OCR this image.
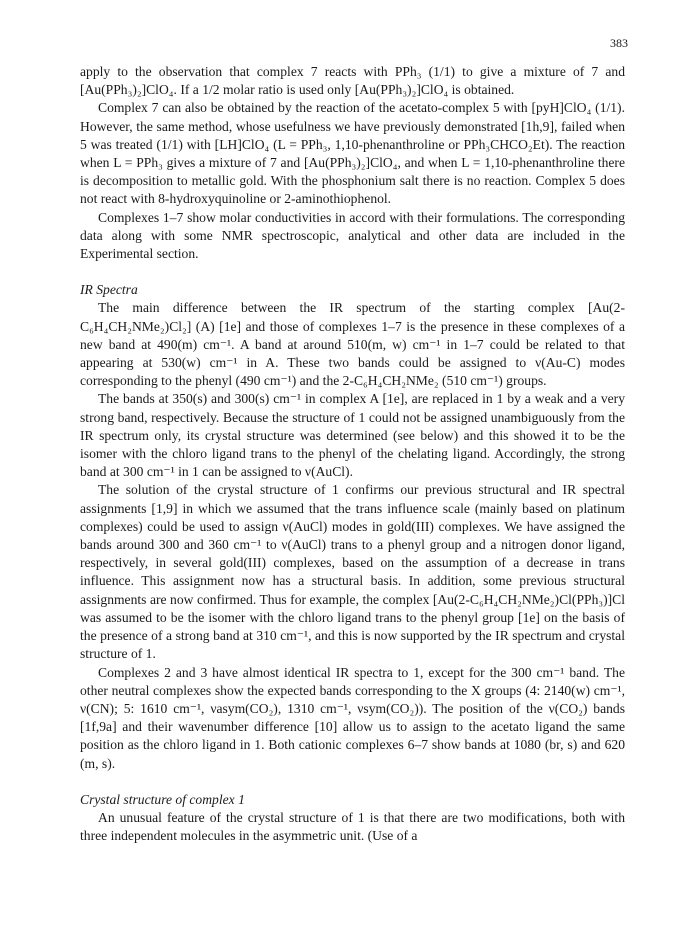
383

apply to the observation that complex 7 reacts with PPh₃ (1/1) to give a mixture of 7 and [Au(PPh₃)₂]ClO₄. If a 1/2 molar ratio is used only [Au(PPh₃)₂]ClO₄ is obtained.

Complex 7 can also be obtained by the reaction of the acetato-complex 5 with [pyH]ClO₄ (1/1). However, the same method, whose usefulness we have previously demonstrated [1h,9], failed when 5 was treated (1/1) with [LH]ClO₄ (L = PPh₃, 1,10-phenanthroline or PPh₃CHCO₂Et). The reaction when L = PPh₃ gives a mixture of 7 and [Au(PPh₃)₂]ClO₄, and when L = 1,10-phenanthroline there is decomposition to metallic gold. With the phosphonium salt there is no reaction. Complex 5 does not react with 8-hydroxyquinoline or 2-aminothiophenol.

Complexes 1–7 show molar conductivities in accord with their formulations. The corresponding data along with some NMR spectroscopic, analytical and other data are included in the Experimental section.

IR Spectra

The main difference between the IR spectrum of the starting complex [Au(2-C₆H₄CH₂NMe₂)Cl₂] (A) [1e] and those of complexes 1–7 is the presence in these complexes of a new band at 490(m) cm⁻¹. A band at around 510(m, w) cm⁻¹ in 1–7 could be related to that appearing at 530(w) cm⁻¹ in A. These two bands could be assigned to ν(Au-C) modes corresponding to the phenyl (490 cm⁻¹) and the 2-C₆H₄CH₂NMe₂ (510 cm⁻¹) groups.

The bands at 350(s) and 300(s) cm⁻¹ in complex A [1e], are replaced in 1 by a weak and a very strong band, respectively. Because the structure of 1 could not be assigned unambiguously from the IR spectrum only, its crystal structure was determined (see below) and this showed it to be the isomer with the chloro ligand trans to the phenyl of the chelating ligand. Accordingly, the strong band at 300 cm⁻¹ in 1 can be assigned to ν(AuCl).

The solution of the crystal structure of 1 confirms our previous structural and IR spectral assignments [1,9] in which we assumed that the trans influence scale (mainly based on platinum complexes) could be used to assign ν(AuCl) modes in gold(III) complexes. We have assigned the bands around 300 and 360 cm⁻¹ to ν(AuCl) trans to a phenyl group and a nitrogen donor ligand, respectively, in several gold(III) complexes, based on the assumption of a decrease in trans influence. This assignment now has a structural basis. In addition, some previous structural assignments are now confirmed. Thus for example, the complex [Au(2-C₆H₄CH₂NMe₂)Cl(PPh₃)]Cl was assumed to be the isomer with the chloro ligand trans to the phenyl group [1e] on the basis of the presence of a strong band at 310 cm⁻¹, and this is now supported by the IR spectrum and crystal structure of 1.

Complexes 2 and 3 have almost identical IR spectra to 1, except for the 300 cm⁻¹ band. The other neutral complexes show the expected bands corresponding to the X groups (4: 2140(w) cm⁻¹, ν(CN); 5: 1610 cm⁻¹, νasym(CO₂), 1310 cm⁻¹, νsym(CO₂)). The position of the ν(CO₂) bands [1f,9a] and their wavenumber difference [10] allow us to assign to the acetato ligand the same position as the chloro ligand in 1. Both cationic complexes 6–7 show bands at 1080 (br, s) and 620 (m, s).

Crystal structure of complex 1

An unusual feature of the crystal structure of 1 is that there are two modifications, both with three independent molecules in the asymmetric unit. (Use of a
